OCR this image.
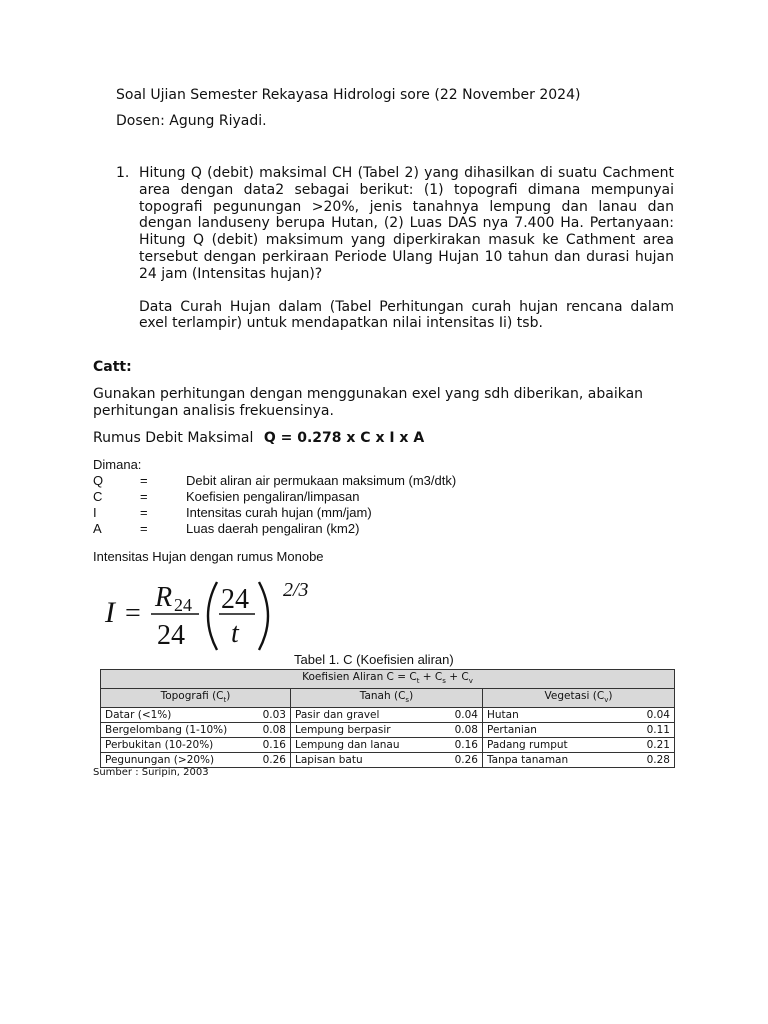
Soal Ujian Semester Rekayasa Hidrologi sore (22 November 2024)
Dosen: Agung Riyadi.
1. Hitung Q (debit) maksimal CH (Tabel 2) yang dihasilkan di suatu Cachment area dengan data2 sebagai berikut: (1) topografi dimana mempunyai topografi pegunungan >20%, jenis tanahnya lempung dan lanau dan dengan landuseny berupa Hutan, (2) Luas DAS nya 7.400 Ha. Pertanyaan: Hitung Q (debit) maksimum yang diperkirakan masuk ke Cathment area tersebut dengan perkiraan Periode Ulang Hujan 10 tahun dan durasi hujan 24 jam (Intensitas hujan)?

Data Curah Hujan dalam (Tabel Perhitungan curah hujan rencana dalam exel terlampir) untuk mendapatkan nilai intensitas Ii) tsb.

Catt:
Gunakan perhitungan dengan menggunakan exel yang sdh diberikan, abaikan perhitungan analisis frekuensinya.
Rumus Debit Maksimal Q = 0.278 x C x I x A
Dimana:
Q	=	Debit aliran air permukaan maksimum (m3/dtk)
C	=	Koefisien pengaliran/limpasan
I	=	Intensitas curah hujan (mm/jam)
A	=	Luas daerah pengaliran (km2)
Intensitas Hujan dengan rumus Monobe
I =
R 24
24
24
t
2/3
Tabel 1. C (Koefisien aliran)
Koefisien Aliran $C = C_t + C_s + C_v$
Topografi $(C_t)$		Tanah $(C_s)$		Vegetasi $(C_v)$	
Datar (<1%)	0.03	Pasir dan gravel	0.04	Hutan	0.04
Bergelombang (1-10%)	0.08	Lempung berpasir	0.08	Pertanian	0.11
Perbukitan (10-20%)	0.16	Lempung dan lanau	0.16	Padang rumput	0.21
Pegunungan (>20%)	0.26	Lapisan batu	0.26	Tanpa tanaman	0.28
Sumber : Suripin, 2003
